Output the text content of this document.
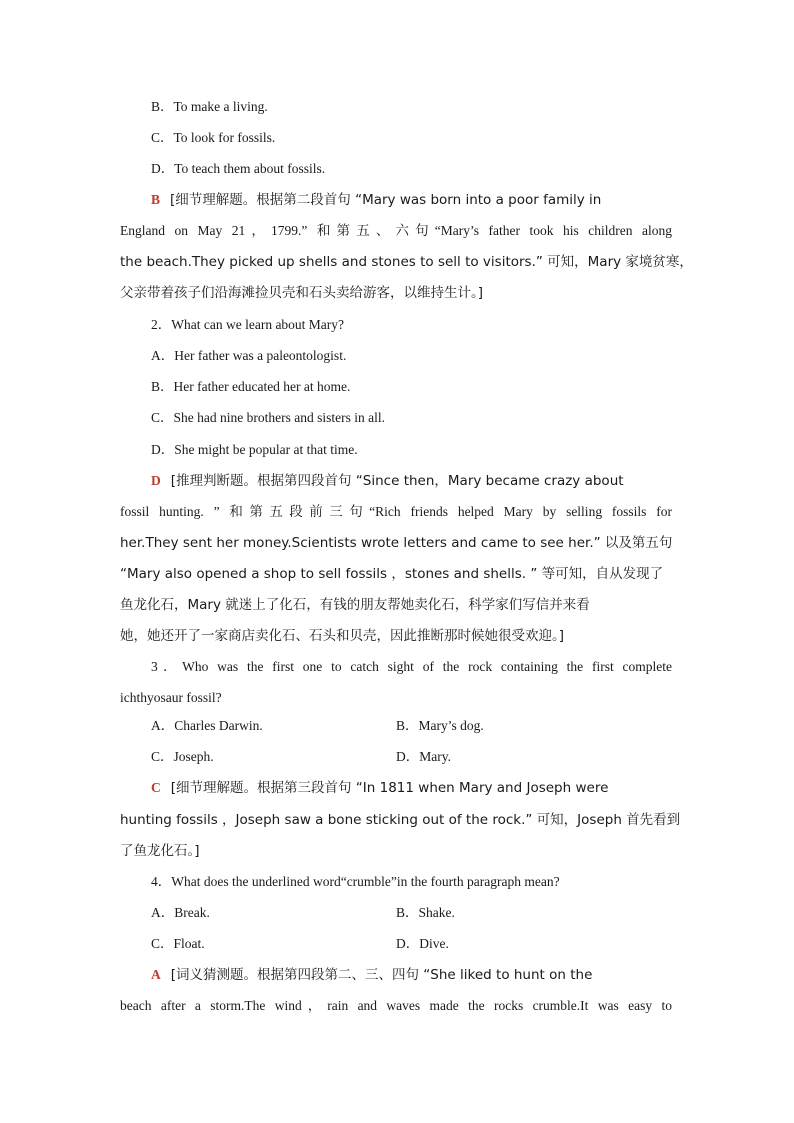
B．To make a living.
C．To look for fossils.
D．To teach them about fossils.
B [细节理解题。根据第二段首句 “Mary was born into a poor family in
England on May 21，1799.” 和第五、六句“Mary’s father took his children along
the beach.They picked up shells and stones to sell to visitors.” 可知，Mary 家境贫寒，
父亲带着孩子们沿海滩捡贝壳和石头卖给游客，以维持生计。]
2．What can we learn about Mary?
A．Her father was a paleontologist.
B．Her father educated her at home.
C．She had nine brothers and sisters in all.
D．She might be popular at that time.
D [推理判断题。根据第四段首句 “Since then，Mary became crazy about
fossil hunting. ” 和第五段前三句“Rich friends helped Mary by selling fossils for
her.They sent her money.Scientists wrote letters and came to see her.” 以及第五句
“Mary also opened a shop to sell fossils ，stones and shells. ” 等可知，自从发现了
鱼龙化石，Mary 就迷上了化石，有钱的朋友帮她卖化石，科学家们写信并来看
她，她还开了一家商店卖化石、石头和贝壳，因此推断那时候她很受欢迎。]
3．Who was the first one to catch sight of the rock containing the first complete
ichthyosaur fossil?
A．Charles Darwin.	B．Mary’s dog.
C．Joseph.	D．Mary.
C [细节理解题。根据第三段首句 “In 1811 when Mary and Joseph were
hunting fossils ，Joseph saw a bone sticking out of the rock.” 可知，Joseph 首先看到
了鱼龙化石。]
4．What does the underlined word“crumble”in the fourth paragraph mean?
A．Break.	B．Shake.
C．Float.	D．Dive.
A [词义猜测题。根据第四段第二、三、四句 “She liked to hunt on the
beach after a storm.The wind，rain and waves made the rocks crumble.It was easy to
